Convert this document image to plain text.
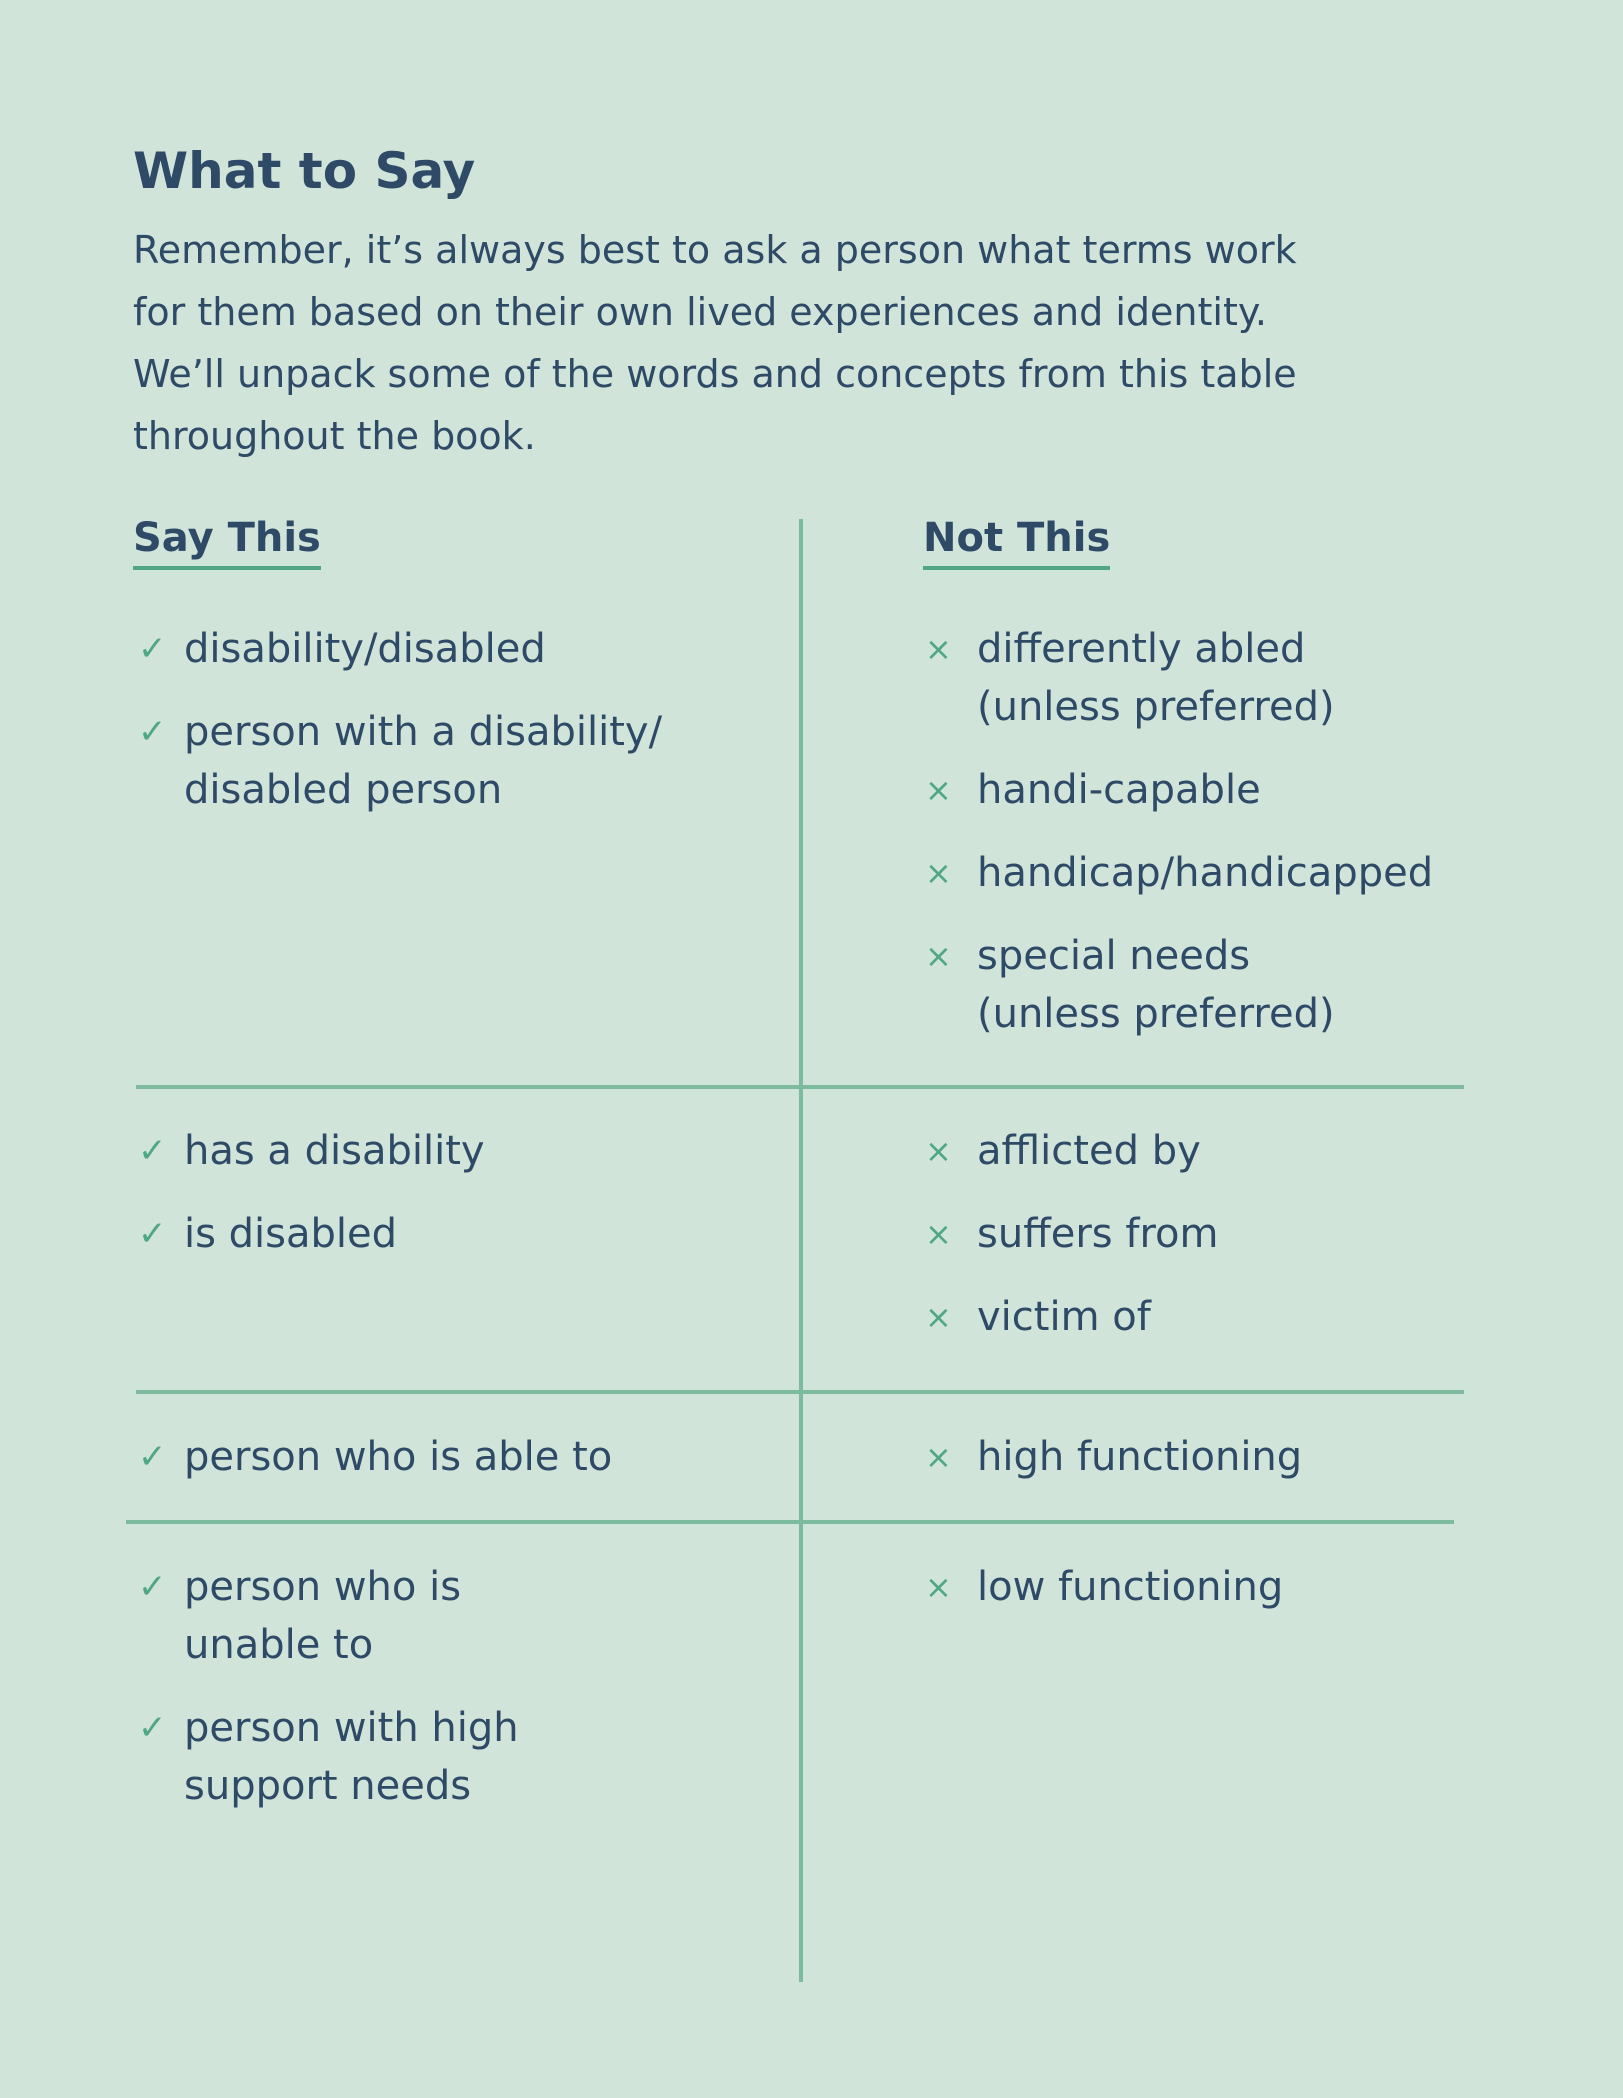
What to Say

Remember, it’s always best to ask a person what terms work
for them based on their own lived experiences and identity.
We’ll unpack some of the words and concepts from this table
throughout the book.

Say This	Not This
✓ disability/disabled
✓ person with a disability/
disabled person
× differently abled
(unless preferred)
× handi-capable
× handicap/handicapped
× special needs
(unless preferred)
✓ has a disability
✓ is disabled
× afflicted by
× suffers from
× victim of
✓ person who is able to	× high functioning
✓ person who is
unable to
✓ person with high
support needs
× low functioning
